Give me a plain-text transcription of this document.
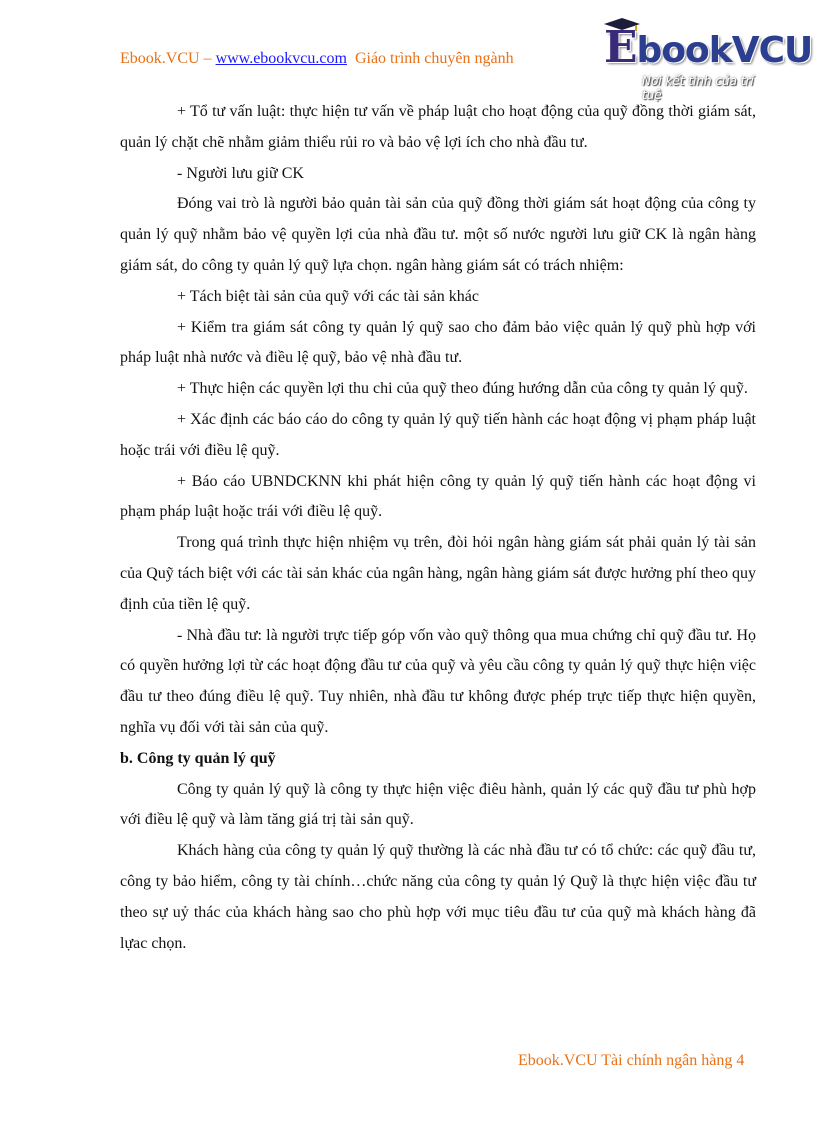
Ebook.VCU – www.ebookvcu.com Giáo trình chuyên ngành EbookVCU
Nơi kết tinh của trí tuệ

+ Tổ tư vấn luật: thực hiện tư vấn về pháp luật cho hoạt động của quỹ đồng thời giám sát, quản lý chặt chẽ nhằm giảm thiểu rủi ro và bảo vệ lợi ích cho nhà đầu tư.

- Người lưu giữ CK

Đóng vai trò là người bảo quản tài sản của quỹ đồng thời giám sát hoạt động của công ty quản lý quỹ nhằm bảo vệ quyền lợi của nhà đầu tư. một số nước người lưu giữ CK là ngân hàng giám sát, do công ty quản lý quỹ lựa chọn. ngân hàng giám sát có trách nhiệm:

+ Tách biệt tài sản của quỹ với các tài sản khác

+ Kiểm tra giám sát công ty quản lý quỹ sao cho đảm bảo việc quản lý quỹ phù hợp với pháp luật nhà nước và điều lệ quỹ, bảo vệ nhà đầu tư.

+ Thực hiện các quyền lợi thu chi của quỹ theo đúng hướng dẫn của công ty quản lý quỹ.

+ Xác định các báo cáo do công ty quản lý quỹ tiến hành các hoạt động vị phạm pháp luật hoặc trái với điều lệ quỹ.

+ Báo cáo UBNDCKNN khi phát hiện công ty quản lý quỹ tiến hành các hoạt động vi phạm pháp luật hoặc trái với điều lệ quỹ.

Trong quá trình thực hiện nhiệm vụ trên, đòi hỏi ngân hàng giám sát phải quản lý tài sản của Quỹ tách biệt với các tài sản khác của ngân hàng, ngân hàng giám sát được hưởng phí theo quy định của tiền lệ quỹ.

- Nhà đầu tư: là người trực tiếp góp vốn vào quỹ thông qua mua chứng chỉ quỹ đầu tư. Họ có quyền hưởng lợi từ các hoạt động đầu tư của quỹ và yêu cầu công ty quản lý quỹ thực hiện việc đầu tư theo đúng điều lệ quỹ. Tuy nhiên, nhà đầu tư không được phép trực tiếp thực hiện quyền, nghĩa vụ đối với tài sản của quỹ.

b. Công ty quản lý quỹ

Công ty quản lý quỹ là công ty thực hiện việc điêu hành, quản lý các quỹ đầu tư phù hợp với điều lệ quỹ và làm tăng giá trị tài sản quỹ.

Khách hàng của công ty quản lý quỹ thường là các nhà đầu tư có tổ chức: các quỹ đầu tư, công ty bảo hiểm, công ty tài chính…chức năng của công ty quản lý Quỹ là thực hiện việc đầu tư theo sự uỷ thác của khách hàng sao cho phù hợp với mục tiêu đầu tư của quỹ mà khách hàng đã lựac chọn.

Ebook.VCU Tài chính ngân hàng 4
